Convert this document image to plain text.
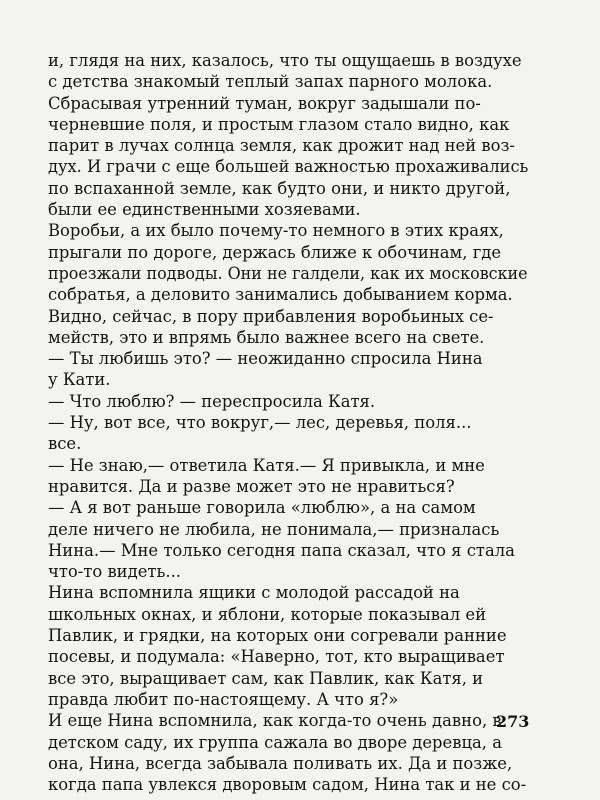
и, глядя на них, казалось, что ты ощущаешь в воздухе
с детства знакомый теплый запах парного молока.
Сбрасывая утренний туман, вокруг задышали по-
черневшие поля, и простым глазом стало видно, как
парит в лучах солнца земля, как дрожит над ней воз-
дух. И грачи с еще большей важностью прохаживались
по вспаханной земле, как будто они, и никто другой,
были ее единственными хозяевами.
Воробьи, а их было почему-то немного в этих краях,
прыгали по дороге, держась ближе к обочинам, где
проезжали подводы. Они не галдели, как их московские
собратья, а деловито занимались добыванием корма.
Видно, сейчас, в пору прибавления воробьиных се-
мейств, это и впрямь было важнее всего на свете.
— Ты любишь это? — неожиданно спросила Нина
у Кати.
— Что люблю? — переспросила Катя.
— Ну, вот все, что вокруг,— лес, деревья, поля...
все.
— Не знаю,— ответила Катя.— Я привыкла, и мне
нравится. Да и разве может это не нравиться?
— А я вот раньше говорила «люблю», а на самом
деле ничего не любила, не понимала,— призналась
Нина.— Мне только сегодня папа сказал, что я стала
что-то видеть...
Нина вспомнила ящики с молодой рассадой на
школьных окнах, и яблони, которые показывал ей
Павлик, и грядки, на которых они согревали ранние
посевы, и подумала: «Наверно, тот, кто выращивает
все это, выращивает сам, как Павлик, как Катя, и
правда любит по-настоящему. А что я?»
И еще Нина вспомнила, как когда-то очень давно, в
детском саду, их группа сажала во дворе деревца, а
она, Нина, всегда забывала поливать их. Да и позже,
когда папа увлекся дворовым садом, Нина так и не со-
273
